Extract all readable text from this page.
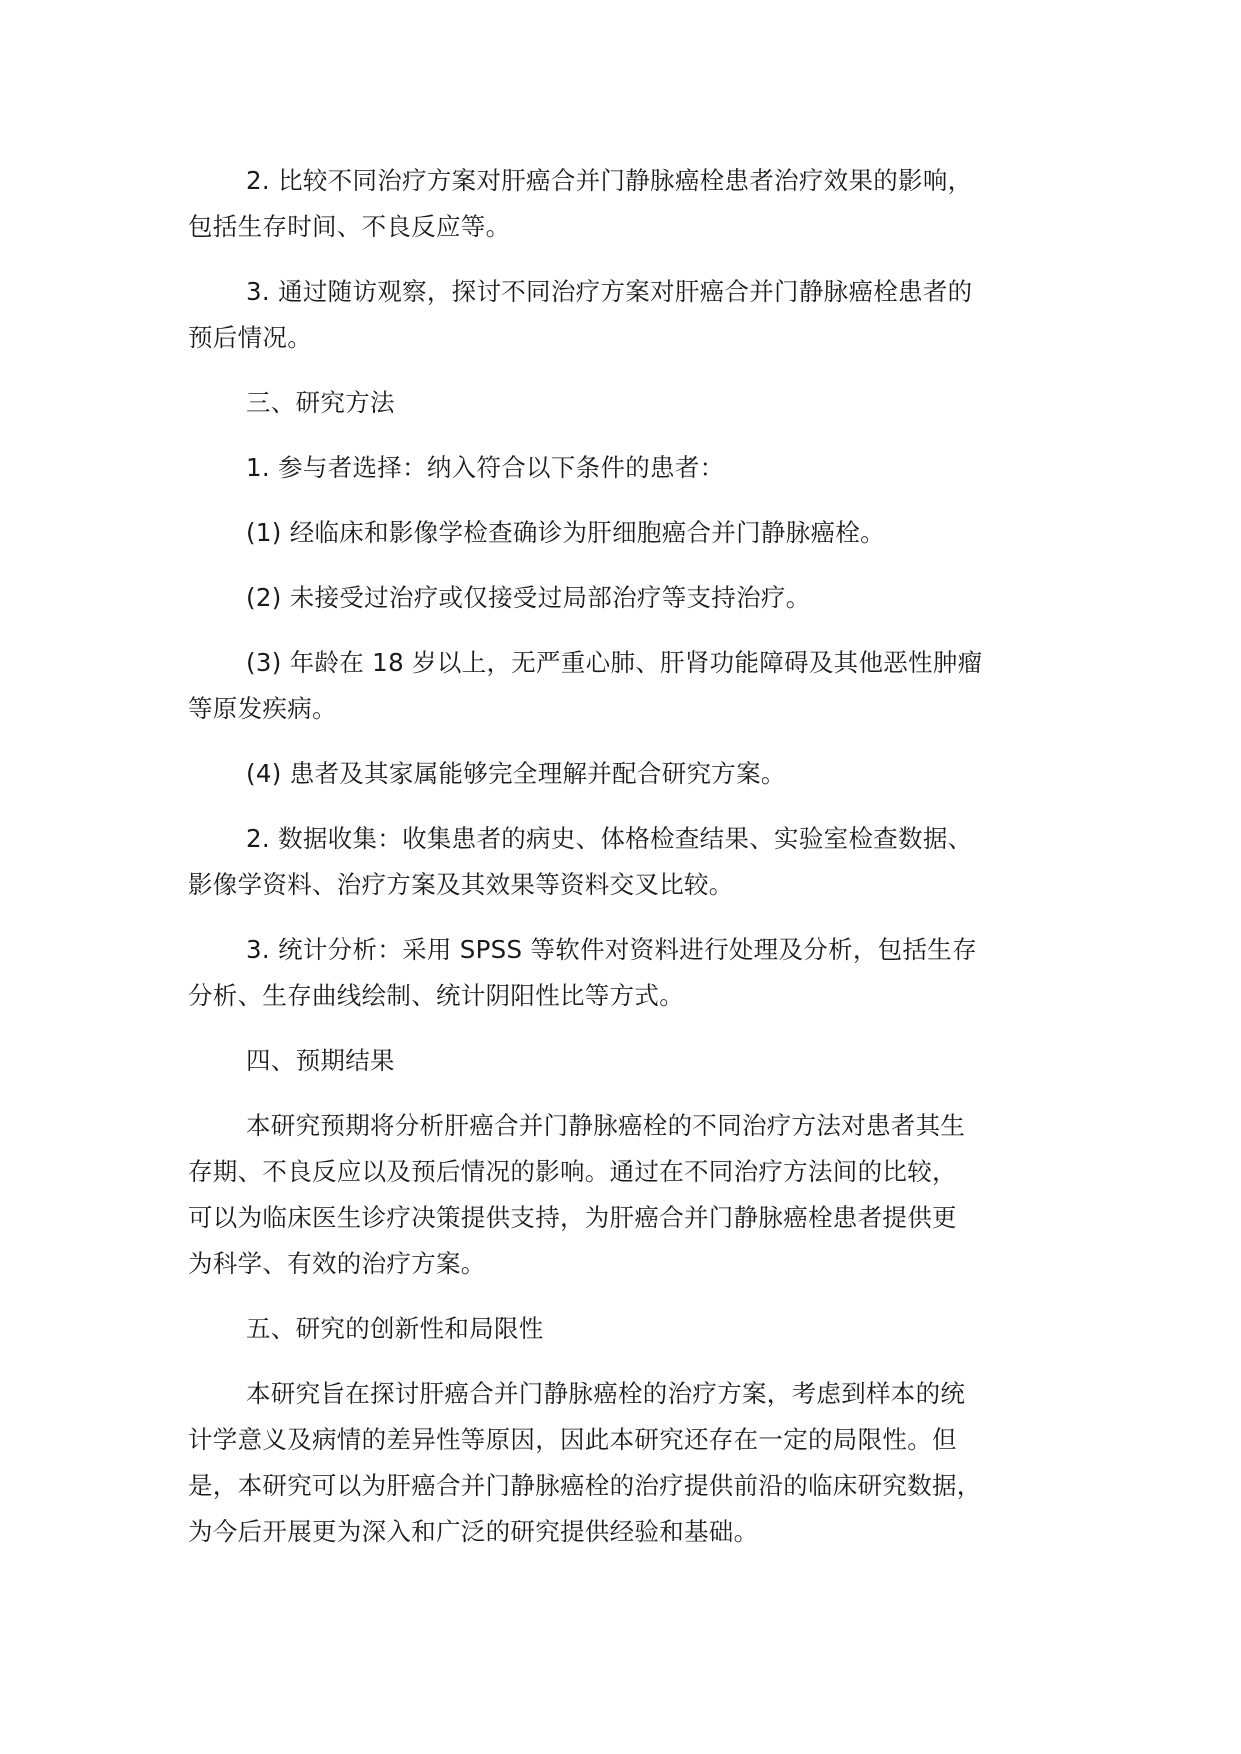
2. 比较不同治疗方案对肝癌合并门静脉癌栓患者治疗效果的影响，
包括生存时间、不良反应等。
3. 通过随访观察，探讨不同治疗方案对肝癌合并门静脉癌栓患者的
预后情况。
三、研究方法
1. 参与者选择：纳入符合以下条件的患者：
(1) 经临床和影像学检查确诊为肝细胞癌合并门静脉癌栓。
(2) 未接受过治疗或仅接受过局部治疗等支持治疗。
(3) 年龄在 18 岁以上，无严重心肺、肝肾功能障碍及其他恶性肿瘤
等原发疾病。
(4) 患者及其家属能够完全理解并配合研究方案。
2. 数据收集：收集患者的病史、体格检查结果、实验室检查数据、
影像学资料、治疗方案及其效果等资料交叉比较。
3. 统计分析：采用 SPSS 等软件对资料进行处理及分析，包括生存
分析、生存曲线绘制、统计阴阳性比等方式。
四、预期结果
本研究预期将分析肝癌合并门静脉癌栓的不同治疗方法对患者其生
存期、不良反应以及预后情况的影响。通过在不同治疗方法间的比较，
可以为临床医生诊疗决策提供支持，为肝癌合并门静脉癌栓患者提供更
为科学、有效的治疗方案。
五、研究的创新性和局限性
本研究旨在探讨肝癌合并门静脉癌栓的治疗方案，考虑到样本的统
计学意义及病情的差异性等原因，因此本研究还存在一定的局限性。但
是，本研究可以为肝癌合并门静脉癌栓的治疗提供前沿的临床研究数据，
为今后开展更为深入和广泛的研究提供经验和基础。
